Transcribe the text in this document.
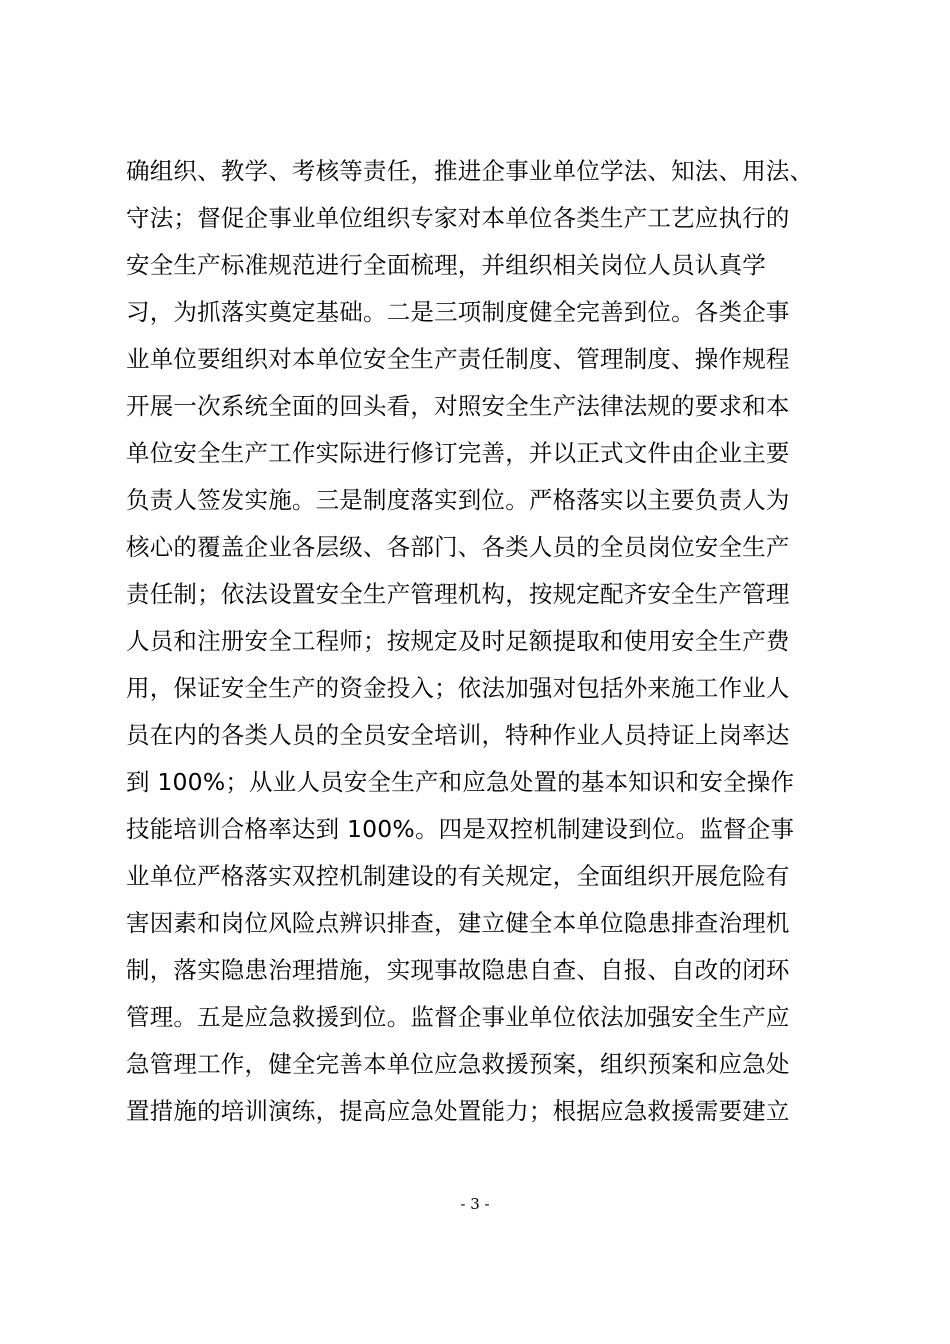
确组织、教学、考核等责任，推进企事业单位学法、知法、用法、
守法；督促企事业单位组织专家对本单位各类生产工艺应执行的
安全生产标准规范进行全面梳理，并组织相关岗位人员认真学
习，为抓落实奠定基础。二是三项制度健全完善到位。各类企事
业单位要组织对本单位安全生产责任制度、管理制度、操作规程
开展一次系统全面的回头看，对照安全生产法律法规的要求和本
单位安全生产工作实际进行修订完善，并以正式文件由企业主要
负责人签发实施。三是制度落实到位。严格落实以主要负责人为
核心的覆盖企业各层级、各部门、各类人员的全员岗位安全生产
责任制；依法设置安全生产管理机构，按规定配齐安全生产管理
人员和注册安全工程师；按规定及时足额提取和使用安全生产费
用，保证安全生产的资金投入；依法加强对包括外来施工作业人
员在内的各类人员的全员安全培训，特种作业人员持证上岗率达
到 100%；从业人员安全生产和应急处置的基本知识和安全操作
技能培训合格率达到 100%。四是双控机制建设到位。监督企事
业单位严格落实双控机制建设的有关规定，全面组织开展危险有
害因素和岗位风险点辨识排查，建立健全本单位隐患排查治理机
制，落实隐患治理措施，实现事故隐患自查、自报、自改的闭环
管理。五是应急救援到位。监督企事业单位依法加强安全生产应
急管理工作，健全完善本单位应急救援预案，组织预案和应急处
置措施的培训演练，提高应急处置能力；根据应急救援需要建立
- 3 -
